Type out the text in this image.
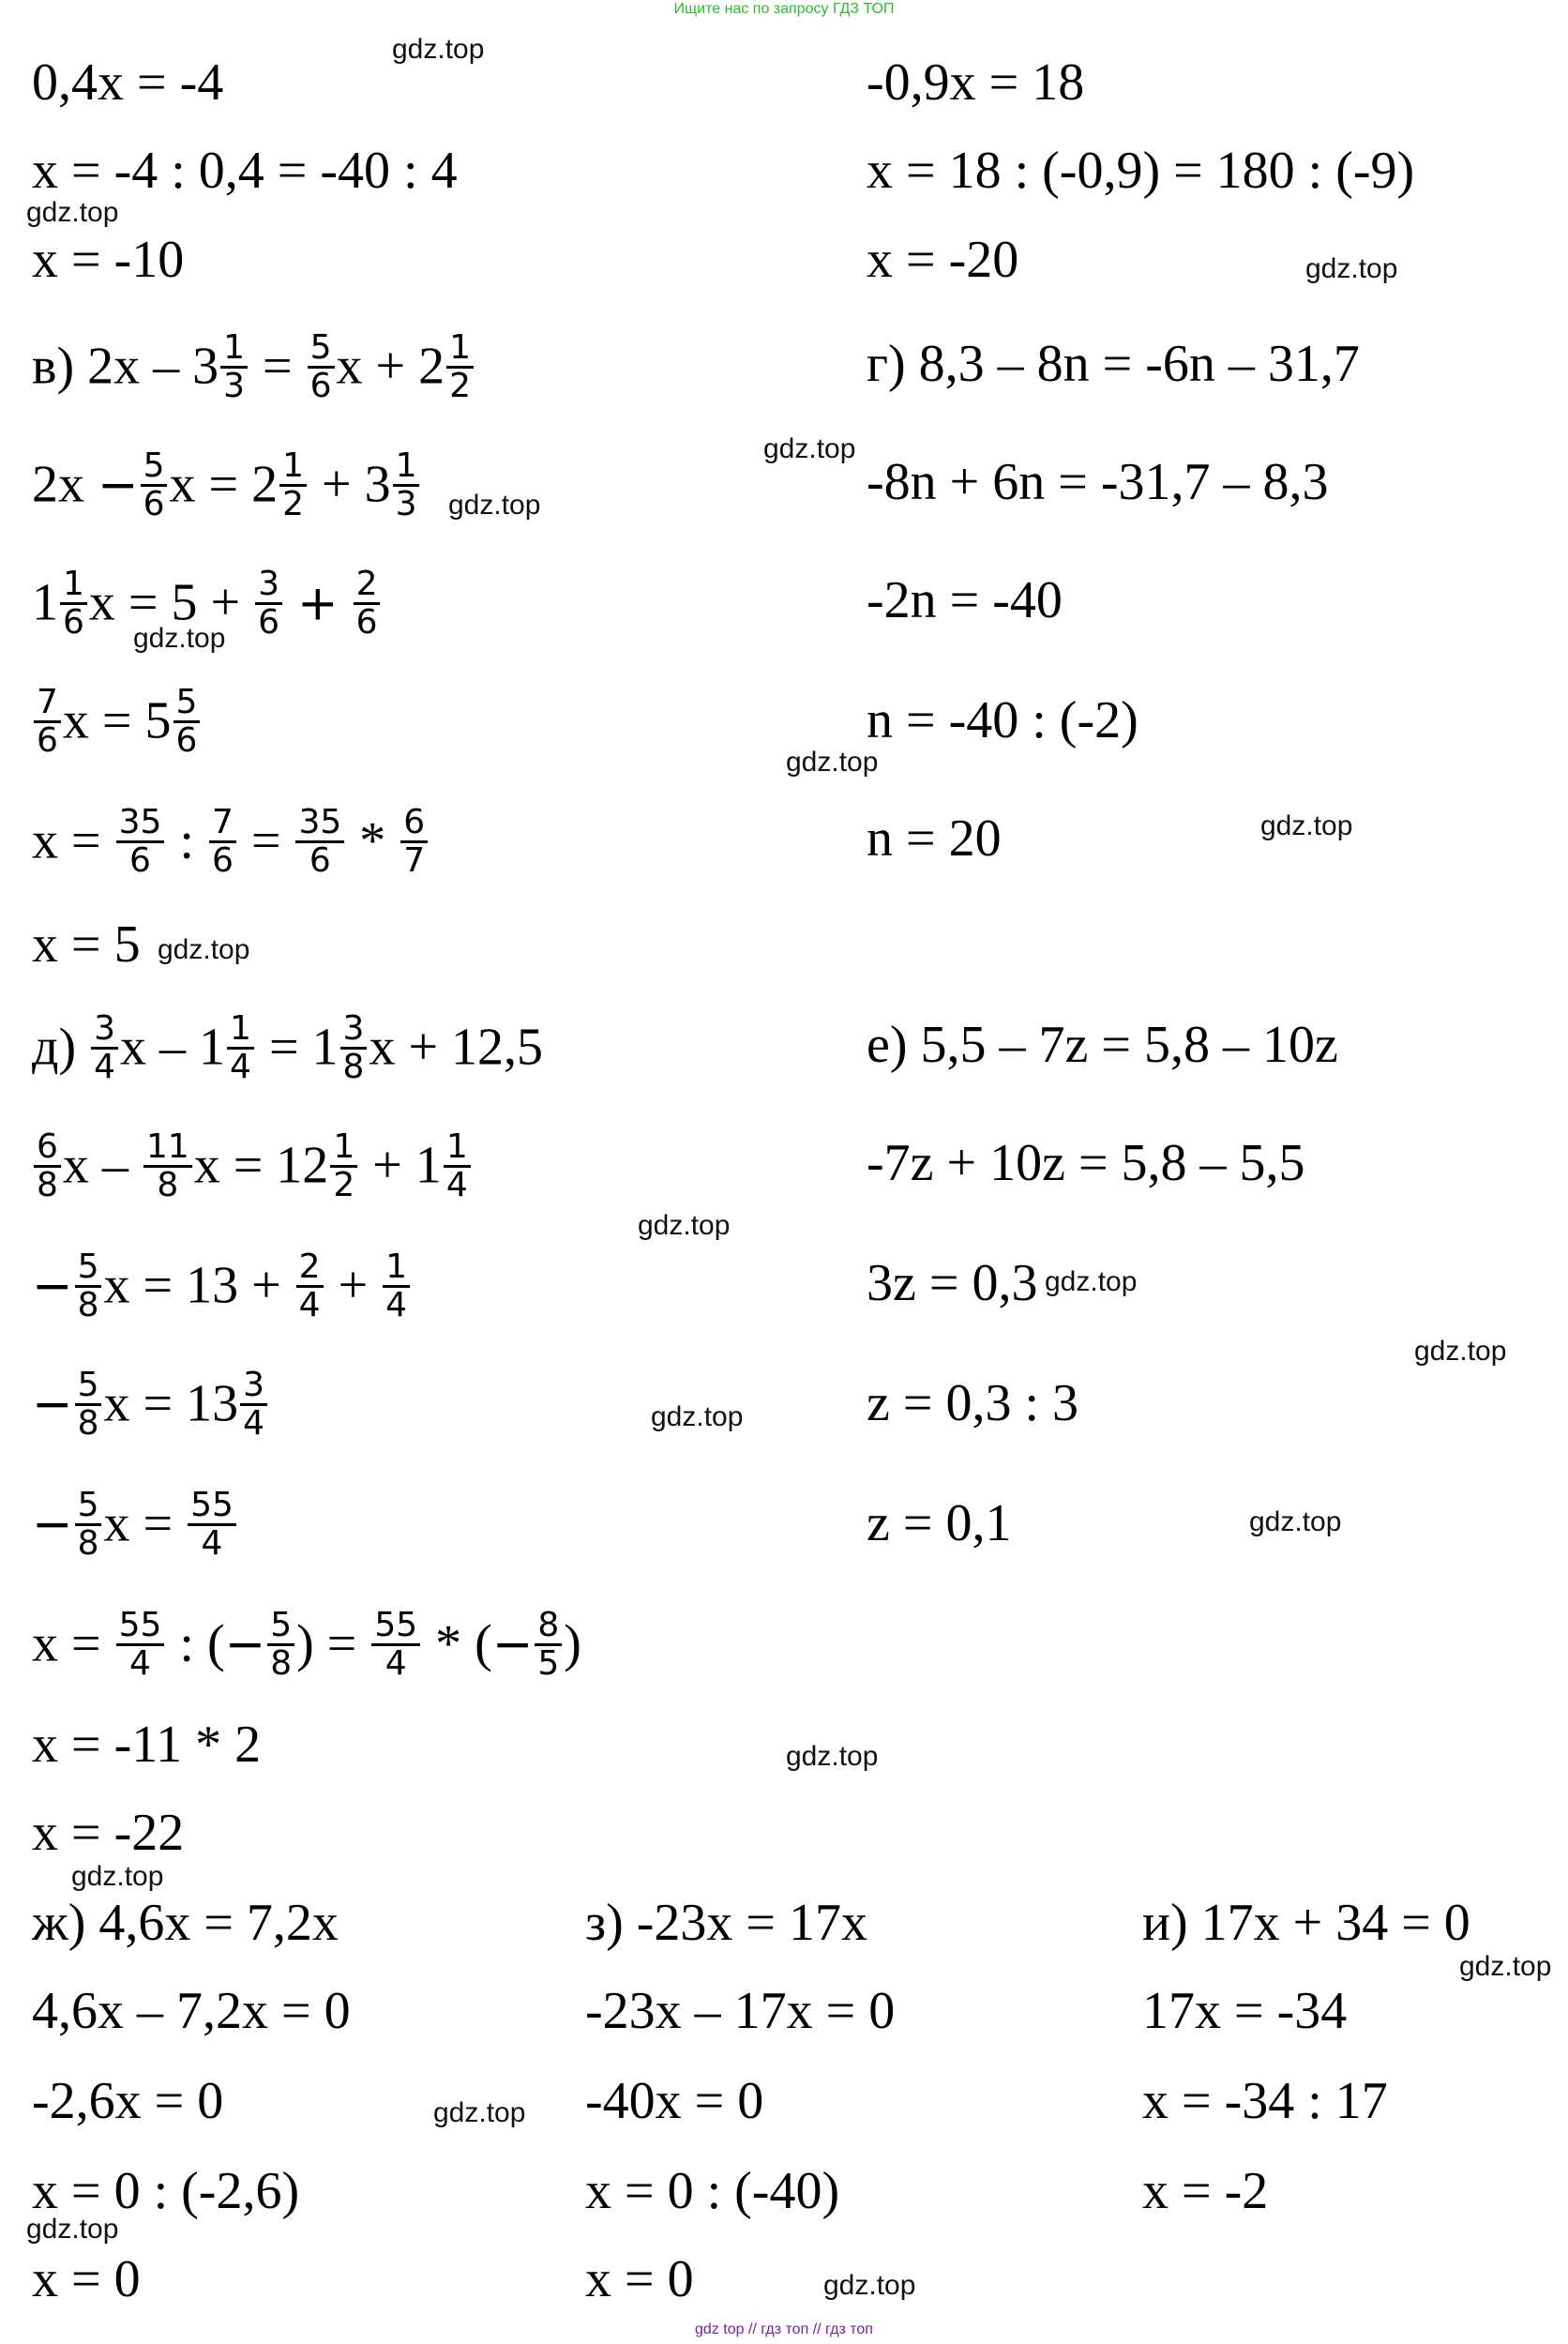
Ищите нас по запросу ГДЗ ТОП
0,4x = -4
x = -4 : 0,4 = -40 : 4
x = -10
-0,9x = 18
x = 18 : (-0,9) = 180 : (-9)
x = -20
в) $2x - 3 \frac{1}{3} = \frac{5}{6}$ $x + 2 \frac{1}{2}$
$2x - \frac{5}{6}$ $x = 2 \frac{1}{2} + 3 \frac{1}{3}$
$1 \frac{1}{6}$ $x = 5 + \frac{3}{6} + \frac{2}{6}$
$\frac{7}{6}$ $x = 5 \frac{5}{6}$
$x = \frac{35}{6}$ : $\frac{7}{6} = \frac{35}{6} * \frac{6}{7}$
x = 5
г) 8,3 – 8n = -6n – 31,7
-8n + 6n = -31,7 – 8,3
-2n = -40
n = -40 : (-2)
n = 20
$д) \frac{3}{4}$ $x - 1 \frac{1}{4} = 1 \frac{3}{8}$ x + 12,5
$\frac{6}{8}$ x – $\frac{11}{8}$ $x = 12 \frac{1}{2} + 1 \frac{1}{4}$
− $\frac{5}{8}$ $x = 13 + \frac{2}{4} + \frac{1}{4}$
− $\frac{5}{8}$ $x = 13 \frac{3}{4}$
− $\frac{5}{8}$ $x = \frac{55}{4}$
$x = \frac{55}{4}$ : (− $\frac{5}{8}$ ) = $\frac{55}{4}$ * (− $\frac{8}{5}$ )
x = -11 * 2
x = -22
е) 5,5 – 7z = 5,8 – 10z
-7z + 10z = 5,8 – 5,5
3z = 0,3
z = 0,3 : 3
z = 0,1
ж) 4,6x = 7,2x
4,6x – 7,2x = 0
-2,6x = 0
x = 0 : (-2,6)
x = 0
з) -23x = 17x
-23x – 17x = 0
-40x = 0
x = 0 : (-40)
x = 0
и) 17x + 34 = 0
17x = -34
x = -34 : 17
x = -2
gdz.top
gdz.top
gdz.top
gdz.top
gdz.top
gdz.top
gdz.top
gdz.top
gdz.top
gdz.top
gdz.top
gdz.top
gdz.top
gdz.top
gdz.top
gdz.top
gdz.top
gdz.top
gdz.top
gdz.top
gdz top // гдз топ // гдз топ
